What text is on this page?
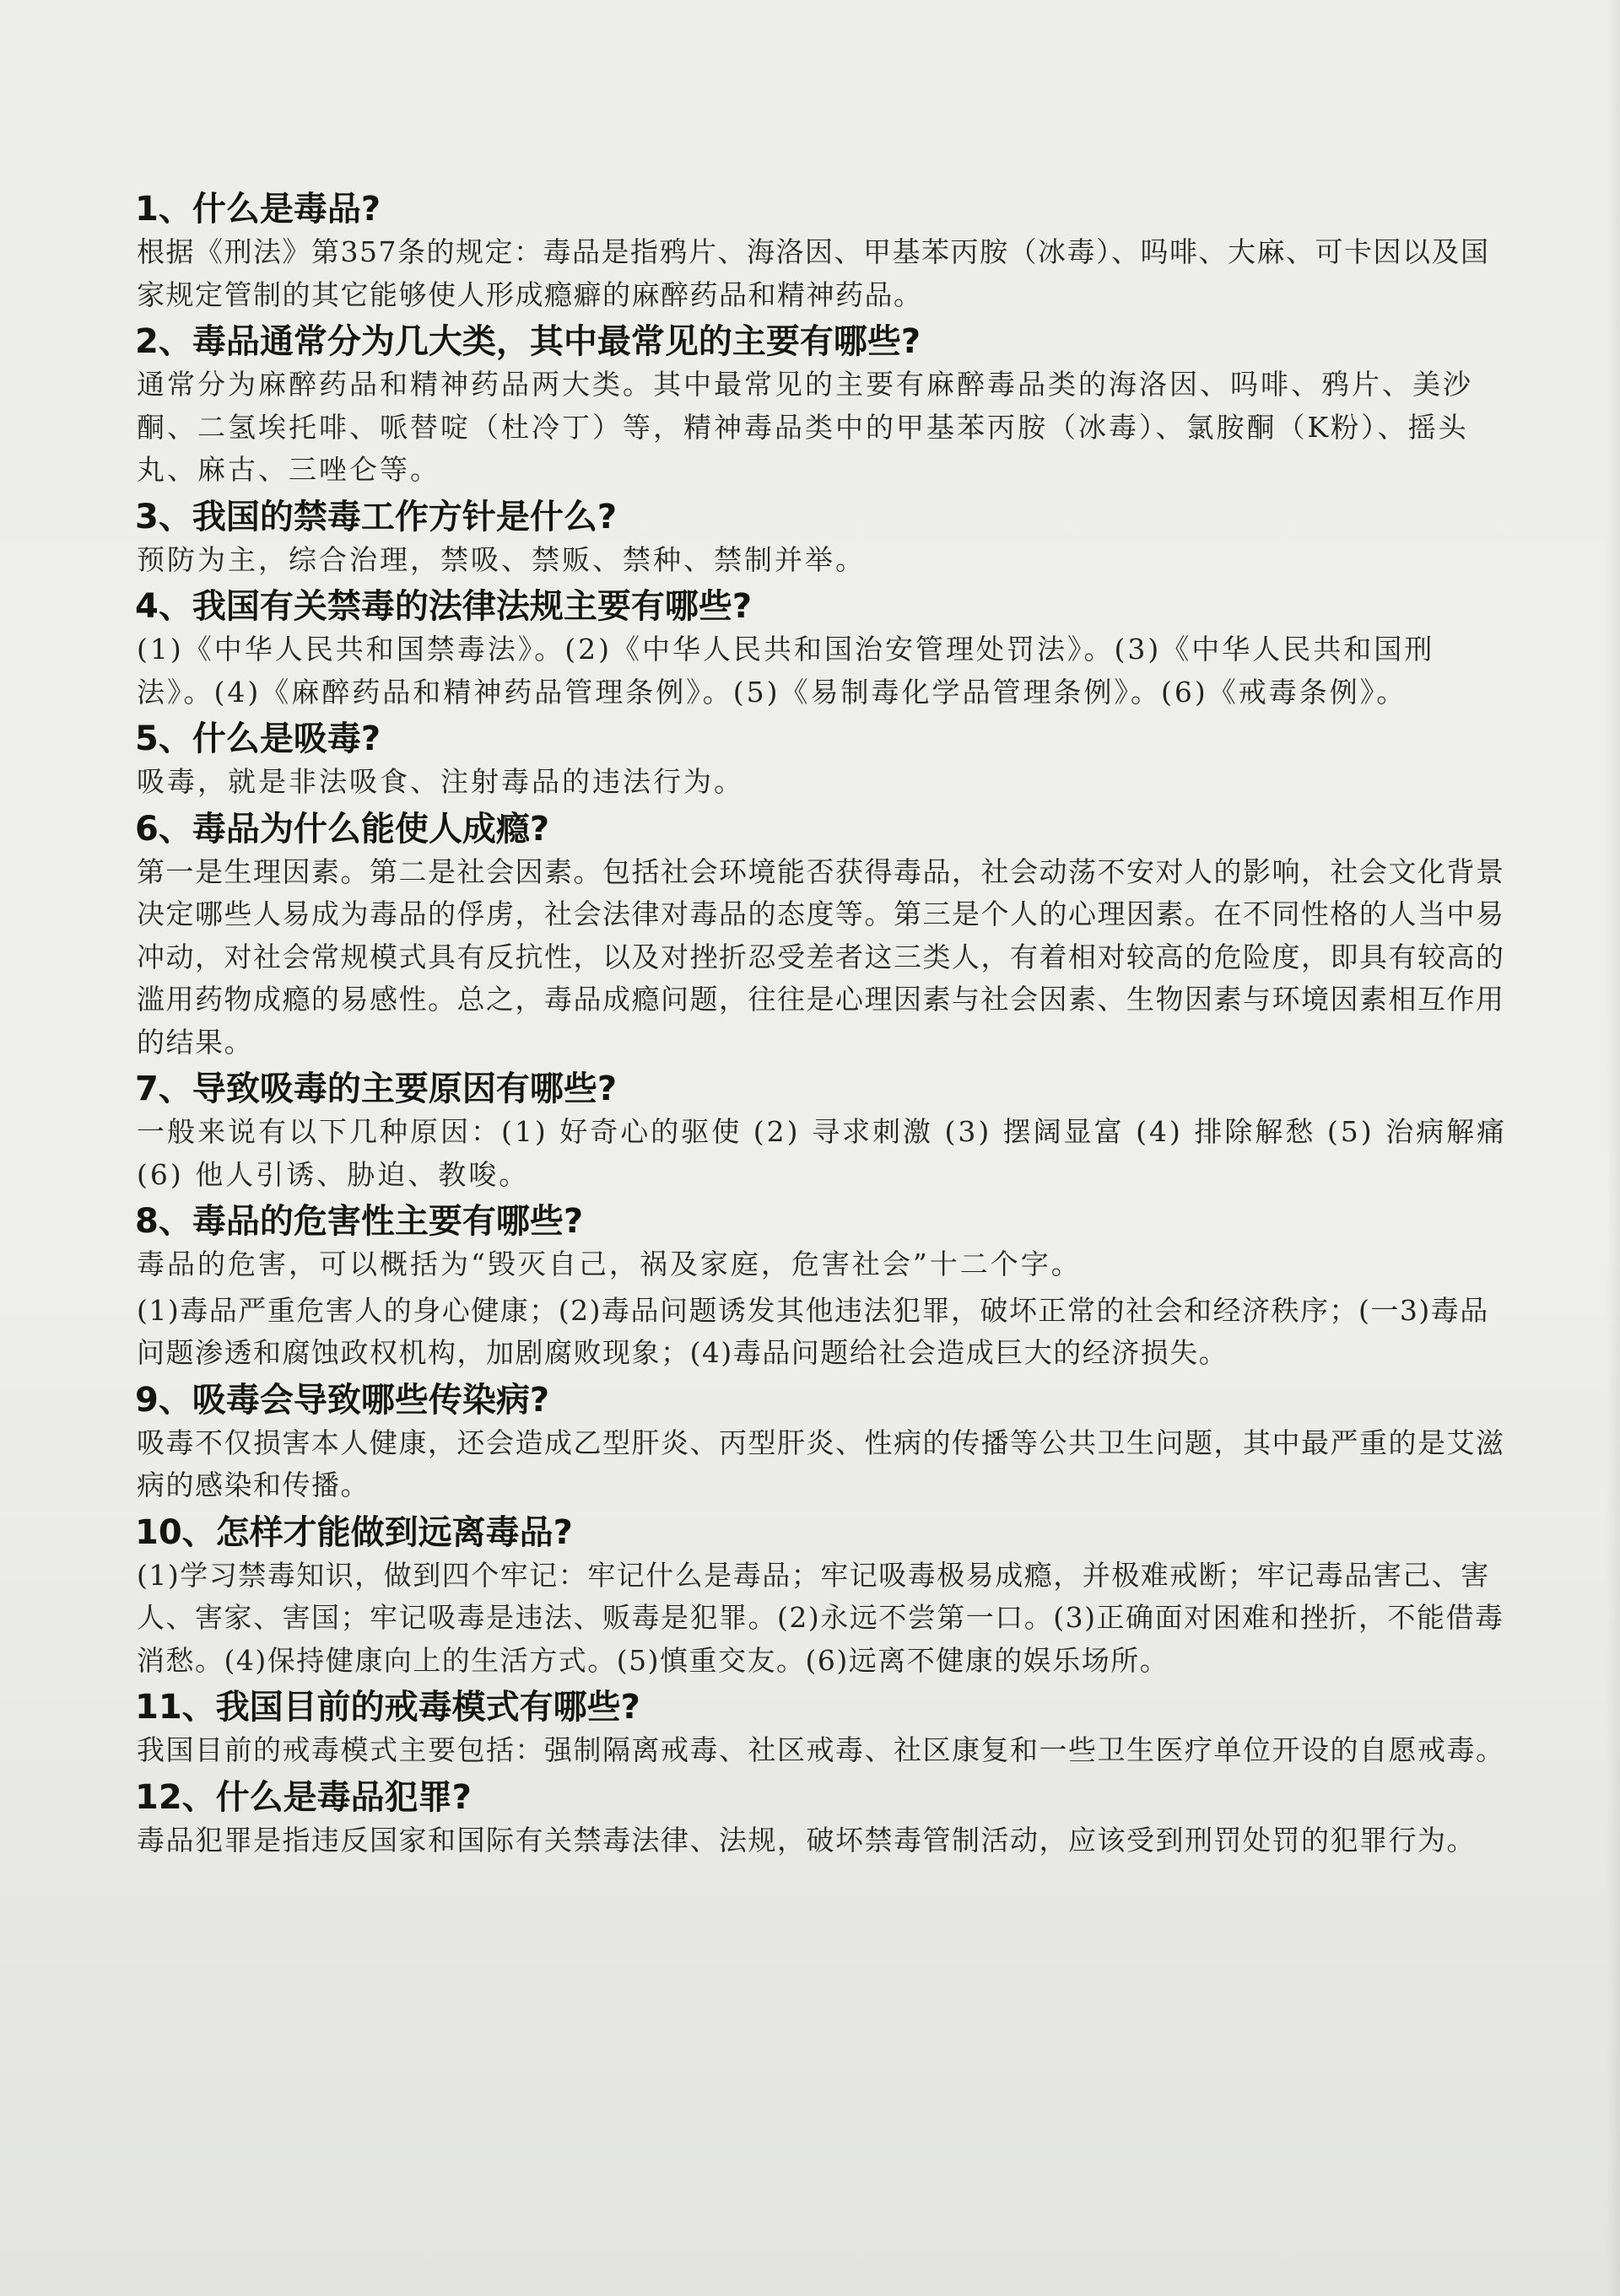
1、什么是毒品?

根据《刑法》第357条的规定：毒品是指鸦片、海洛因、甲基苯丙胺（冰毒）、吗啡、大麻、可卡因以及国家规定管制的其它能够使人形成瘾癖的麻醉药品和精神药品。

2、毒品通常分为几大类，其中最常见的主要有哪些?

通常分为麻醉药品和精神药品两大类。其中最常见的主要有麻醉毒品类的海洛因、吗啡、鸦片、美沙酮、二氢埃托啡、哌替啶（杜冷丁）等，精神毒品类中的甲基苯丙胺（冰毒）、氯胺酮（K粉）、摇头丸、麻古、三唑仑等。

3、我国的禁毒工作方针是什么?

预防为主，综合治理，禁吸、禁贩、禁种、禁制并举。

4、我国有关禁毒的法律法规主要有哪些?

(1)《中华人民共和国禁毒法》。(2)《中华人民共和国治安管理处罚法》。(3)《中华人民共和国刑法》。(4)《麻醉药品和精神药品管理条例》。(5)《易制毒化学品管理条例》。(6)《戒毒条例》。

5、什么是吸毒?

吸毒，就是非法吸食、注射毒品的违法行为。

6、毒品为什么能使人成瘾?

第一是生理因素。第二是社会因素。包括社会环境能否获得毒品，社会动荡不安对人的影响，社会文化背景决定哪些人易成为毒品的俘虏，社会法律对毒品的态度等。第三是个人的心理因素。在不同性格的人当中易冲动，对社会常规模式具有反抗性，以及对挫折忍受差者这三类人，有着相对较高的危险度，即具有较高的滥用药物成瘾的易感性。总之，毒品成瘾问题，往往是心理因素与社会因素、生物因素与环境因素相互作用的结果。

7、导致吸毒的主要原因有哪些?

一般来说有以下几种原因：(1) 好奇心的驱使 (2) 寻求刺激 (3) 摆阔显富 (4) 排除解愁 (5) 治病解痛 (6) 他人引诱、胁迫、教唆。

8、毒品的危害性主要有哪些?

毒品的危害，可以概括为“毁灭自己，祸及家庭，危害社会”十二个字。

(1)毒品严重危害人的身心健康；(2)毒品问题诱发其他违法犯罪，破坏正常的社会和经济秩序；(一3)毒品问题渗透和腐蚀政权机构，加剧腐败现象；(4)毒品问题给社会造成巨大的经济损失。

9、吸毒会导致哪些传染病?

吸毒不仅损害本人健康，还会造成乙型肝炎、丙型肝炎、性病的传播等公共卫生问题，其中最严重的是艾滋病的感染和传播。

10、怎样才能做到远离毒品?

(1)学习禁毒知识，做到四个牢记：牢记什么是毒品；牢记吸毒极易成瘾，并极难戒断；牢记毒品害己、害人、害家、害国；牢记吸毒是违法、贩毒是犯罪。(2)永远不尝第一口。(3)正确面对困难和挫折，不能借毒消愁。(4)保持健康向上的生活方式。(5)慎重交友。(6)远离不健康的娱乐场所。

11、我国目前的戒毒模式有哪些?

我国目前的戒毒模式主要包括：强制隔离戒毒、社区戒毒、社区康复和一些卫生医疗单位开设的自愿戒毒。

12、什么是毒品犯罪?

毒品犯罪是指违反国家和国际有关禁毒法律、法规，破坏禁毒管制活动，应该受到刑罚处罚的犯罪行为。
